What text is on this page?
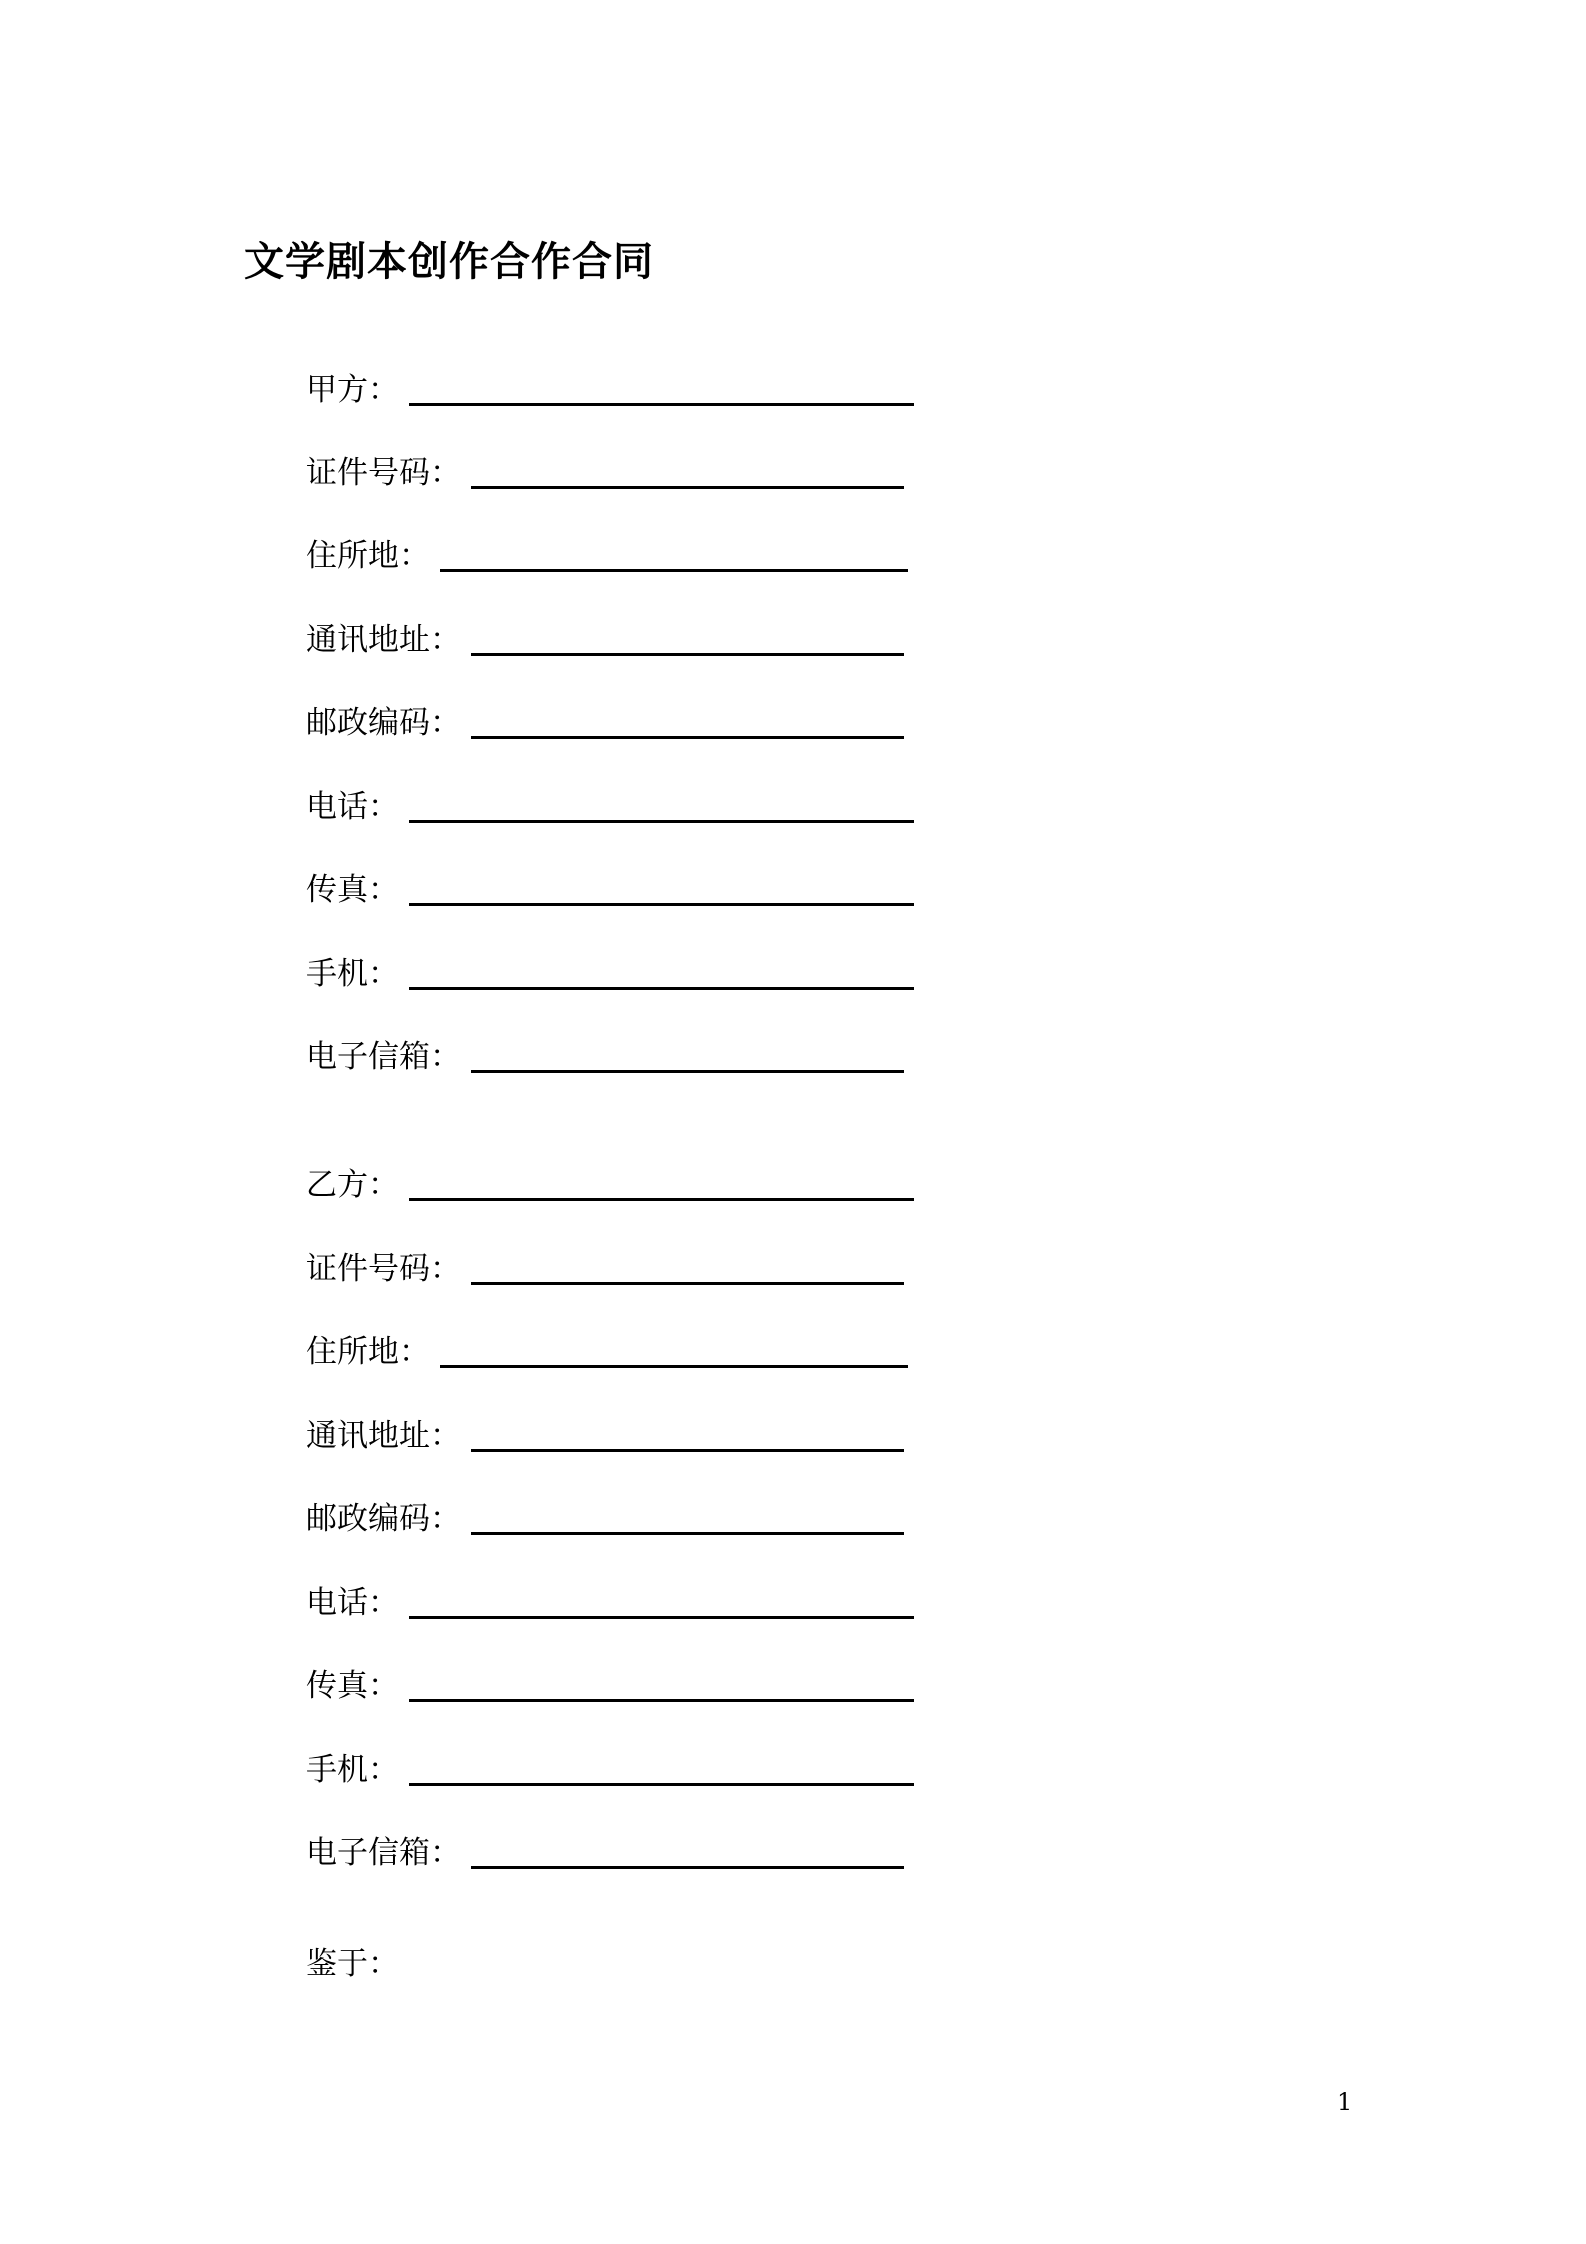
文学剧本创作合作合同
甲方：
证件号码：
住所地：
通讯地址：
邮政编码：
电话：
传真：
手机：
电子信箱：
乙方：
证件号码：
住所地：
通讯地址：
邮政编码：
电话：
传真：
手机：
电子信箱：
鉴于：
1
